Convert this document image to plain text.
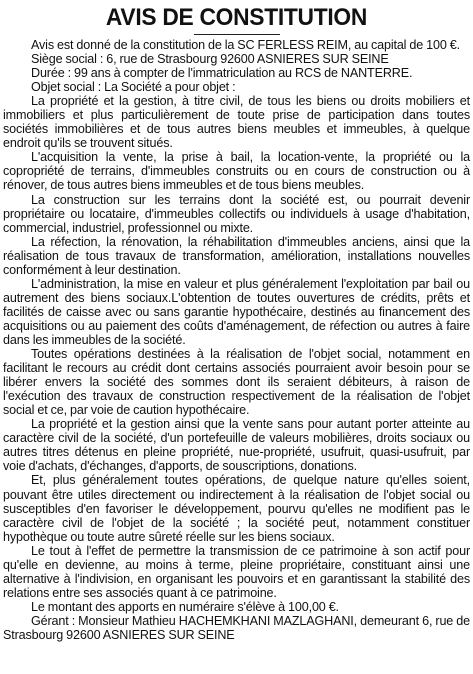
AVIS DE CONSTITUTION

Avis est donné de la constitution de la SC FERLESS REIM, au capital de 100 €.

Siège social : 6, rue de Strasbourg 92600 ASNIERES SUR SEINE

Durée : 99 ans à compter de l'immatriculation au RCS de NANTERRE.

Objet social : La Société a pour objet :

La propriété et la gestion, à titre civil, de tous les biens ou droits mobiliers et immobiliers et plus particulièrement de toute prise de participation dans toutes sociétés immobilières et de tous autres biens meubles et immeubles, à quelque endroit qu'ils se trouvent situés.

L'acquisition la vente, la prise à bail, la location-vente, la propriété ou la copropriété de terrains, d'immeubles construits ou en cours de construction ou à rénover, de tous autres biens immeubles et de tous biens meubles.

La construction sur les terrains dont la société est, ou pourrait devenir propriétaire ou locataire, d'immeubles collectifs ou individuels à usage d'habitation, commercial, industriel, professionnel ou mixte.

La réfection, la rénovation, la réhabilitation d'immeubles anciens, ainsi que la réalisation de tous travaux de transformation, amélioration, installations nouvelles conformément à leur destination.

L'administration, la mise en valeur et plus généralement l'exploitation par bail ou autrement des biens sociaux.L'obtention de toutes ouvertures de crédits, prêts et facilités de caisse avec ou sans garantie hypothécaire, destinés au financement des acquisitions ou au paiement des coûts d'aménagement, de réfection ou autres à faire dans les immeubles de la société.

Toutes opérations destinées à la réalisation de l'objet social, notamment en facilitant le recours au crédit dont certains associés pourraient avoir besoin pour se libérer envers la société des sommes dont ils seraient débiteurs, à raison de l'exécution des travaux de construction respectivement de la réalisation de l'objet social et ce, par voie de caution hypothécaire.

La propriété et la gestion ainsi que la vente sans pour autant porter atteinte au caractère civil de la société, d'un portefeuille de valeurs mobilières, droits sociaux ou autres titres détenus en pleine propriété, nue-propriété, usufruit, quasi-usufruit, par voie d'achats, d'échanges, d'apports, de souscriptions, donations.

Et, plus généralement toutes opérations, de quelque nature qu'elles soient, pouvant être utiles directement ou indirectement à la réalisation de l'objet social ou susceptibles d'en favoriser le développement, pourvu qu'elles ne modifient pas le caractère civil de l'objet de la société ; la société peut, notamment constituer hypothèque ou toute autre sûreté réelle sur les biens sociaux.

Le tout à l'effet de permettre la transmission de ce patrimoine à son actif pour qu'elle en devienne, au moins à terme, pleine propriétaire, constituant ainsi une alternative à l'indivision, en organisant les pouvoirs et en garantissant la stabilité des relations entre ses associés quant à ce patrimoine.

Le montant des apports en numéraire s'élève à 100,00 €.

Gérant : Monsieur Mathieu HACHEMKHANI MAZLAGHANI, demeurant 6, rue de Strasbourg 92600 ASNIERES SUR SEINE
